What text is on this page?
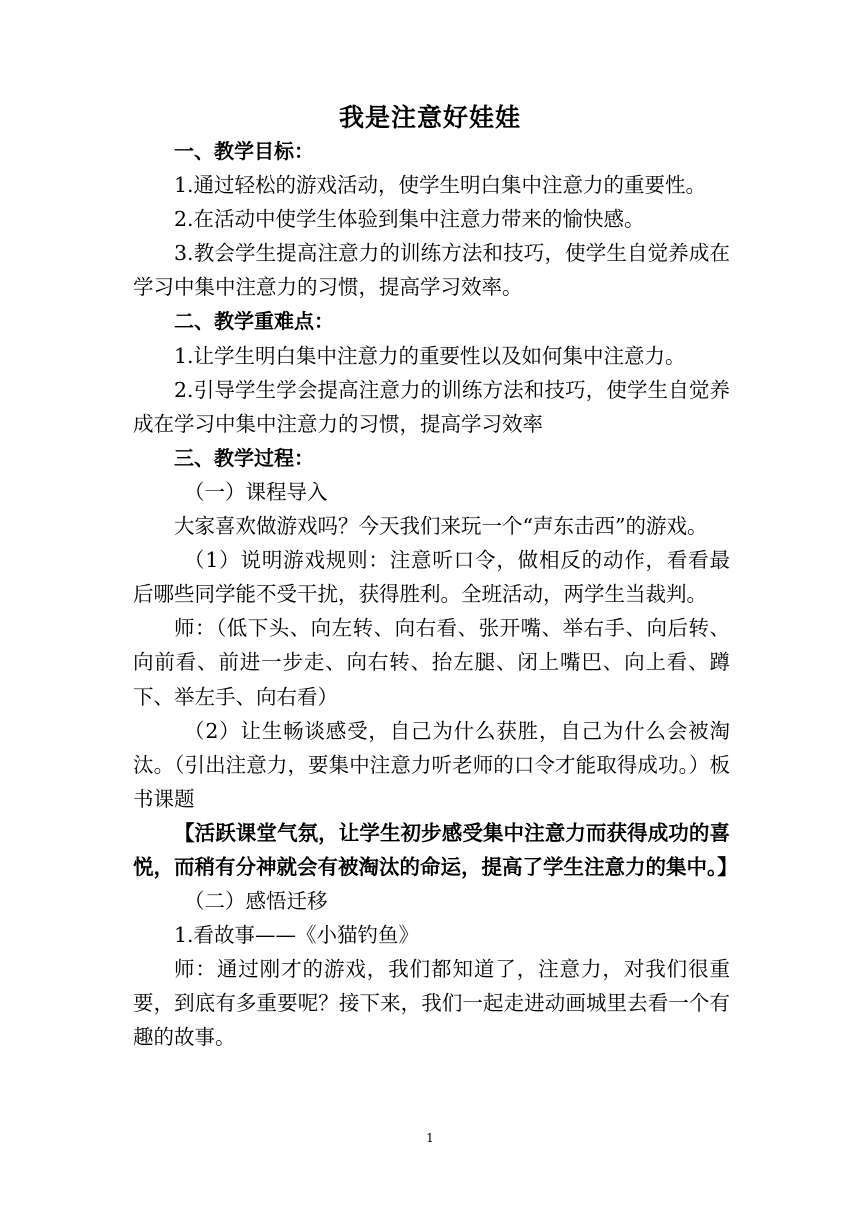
我是注意好娃娃

一、教学目标：

1.通过轻松的游戏活动，使学生明白集中注意力的重要性。

2.在活动中使学生体验到集中注意力带来的愉快感。

3.教会学生提高注意力的训练方法和技巧，使学生自觉养成在学习中集中注意力的习惯，提高学习效率。

二、教学重难点：

1.让学生明白集中注意力的重要性以及如何集中注意力。

2.引导学生学会提高注意力的训练方法和技巧，使学生自觉养成在学习中集中注意力的习惯，提高学习效率

三、教学过程：

（一）课程导入

大家喜欢做游戏吗？今天我们来玩一个“声东击西”的游戏。

（1）说明游戏规则：注意听口令，做相反的动作，看看最后哪些同学能不受干扰，获得胜利。全班活动，两学生当裁判。

师：（低下头、向左转、向右看、张开嘴、举右手、向后转、向前看、前进一步走、向右转、抬左腿、闭上嘴巴、向上看、蹲下、举左手、向右看）

（2）让生畅谈感受，自己为什么获胜，自己为什么会被淘汰。（引出注意力，要集中注意力听老师的口令才能取得成功。）板书课题

【活跃课堂气氛，让学生初步感受集中注意力而获得成功的喜悦，而稍有分神就会有被淘汰的命运，提高了学生注意力的集中。】

（二）感悟迁移

1.看故事——《小猫钓鱼》

师：通过刚才的游戏，我们都知道了，注意力，对我们很重要，到底有多重要呢？接下来，我们一起走进动画城里去看一个有趣的故事。

1
